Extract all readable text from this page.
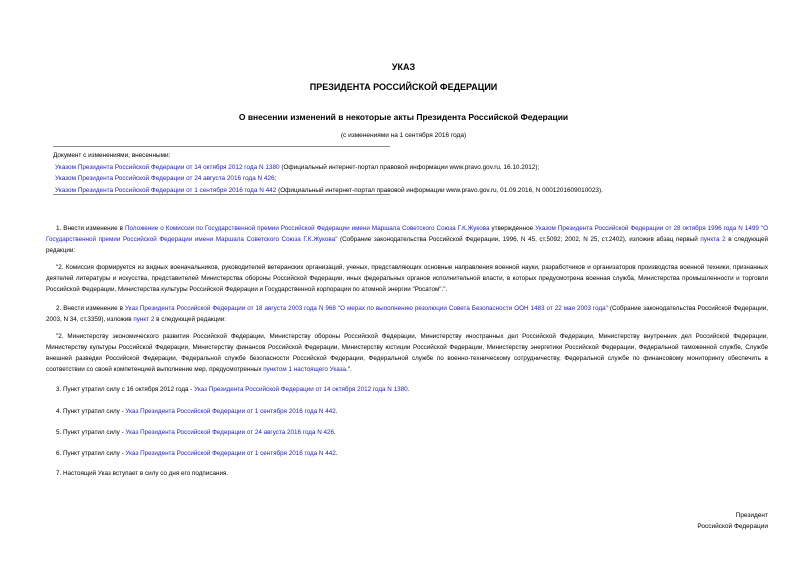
УКАЗ
ПРЕЗИДЕНТА РОССИЙСКОЙ ФЕДЕРАЦИИ
О внесении изменений в некоторые акты Президента Российской Федерации
(с изменениями на 1 сентября 2016 года)
Документ с изменениями, внесенными:
Указом Президента Российской Федерации от 14 октября 2012 года N 1380 (Официальный интернет-портал правовой информации www.pravo.gov.ru, 16.10.2012);
Указом Президента Российской Федерации от 24 августа 2016 года N 426;
Указом Президента Российской Федерации от 1 сентября 2016 года N 442 (Официальный интернет-портал правовой информации www.pravo.gov.ru, 01.09.2016, N 0001201609010023).
1. Внести изменение в Положение о Комиссии по Государственной премии Российской Федерации имени Маршала Советского Союза Г.К.Жукова утвержденное Указом Президента Российской Федерации от 28 октября 1996 года N 1499 "О Государственной премии Российской Федерации имени Маршала Советского Союза Г.К.Жукова" (Собрание законодательства Российской Федерации, 1996, N 45, ст.5092; 2002, N 25, ст.2402), изложив абзац первый пункта 2 в следующей редакции:
"2. Комиссия формируется из видных военачальников, руководителей ветеранских организаций, ученых, представляющих основные направления военной науки, разработчиков и организаторов производства военной техники, признанных деятелей литературы и искусства, представителей Министерства обороны Российской Федерации, иных федеральных органов исполнительной власти, в которых предусмотрена военная служба, Министерства промышленности и торговли Российской Федерации, Министерства культуры Российской Федерации и Государственной корпорации по атомной энергии "Росатом".".
2. Внести изменение в Указ Президента Российской Федерации от 18 августа 2003 года N 968 "О мерах по выполнению резолюции Совета Безопасности ООН 1483 от 22 мая 2003 года" (Собрание законодательства Российской Федерации, 2003, N 34, ст.3359), изложив пункт 2 в следующей редакции:
"2. Министерству экономического развития Российской Федерации, Министерству обороны Российской Федерации, Министерству иностранных дел Российской Федерации, Министерству внутренних дел Российской Федерации, Министерству культуры Российской Федерации, Министерству финансов Российской Федерации, Министерству юстиции Российской Федерации, Министерству энергетики Российской Федерации, Федеральной таможенной службе, Службе внешней разведки Российской Федерации, Федеральной службе безопасности Российской Федерации, Федеральной службе по военно-техническому сотрудничеству, Федеральной службе по финансовому мониторингу обеспечить в соответствии со своей компетенцией выполнение мер, предусмотренных пунктом 1 настоящего Указа.".
3. Пункт утратил силу с 16 октября 2012 года - Указ Президента Российской Федерации от 14 октября 2012 года N 1380.
4. Пункт утратил силу - Указ Президента Российской Федерации от 1 сентября 2016 года N 442.
5. Пункт утратил силу - Указ Президента Российской Федерации от 24 августа 2016 года N 426.
6. Пункт утратил силу - Указ Президента Российской Федерации от 1 сентября 2016 года N 442.
7. Настоящий Указ вступает в силу со дня его подписания.
Президент
Российской Федерации
